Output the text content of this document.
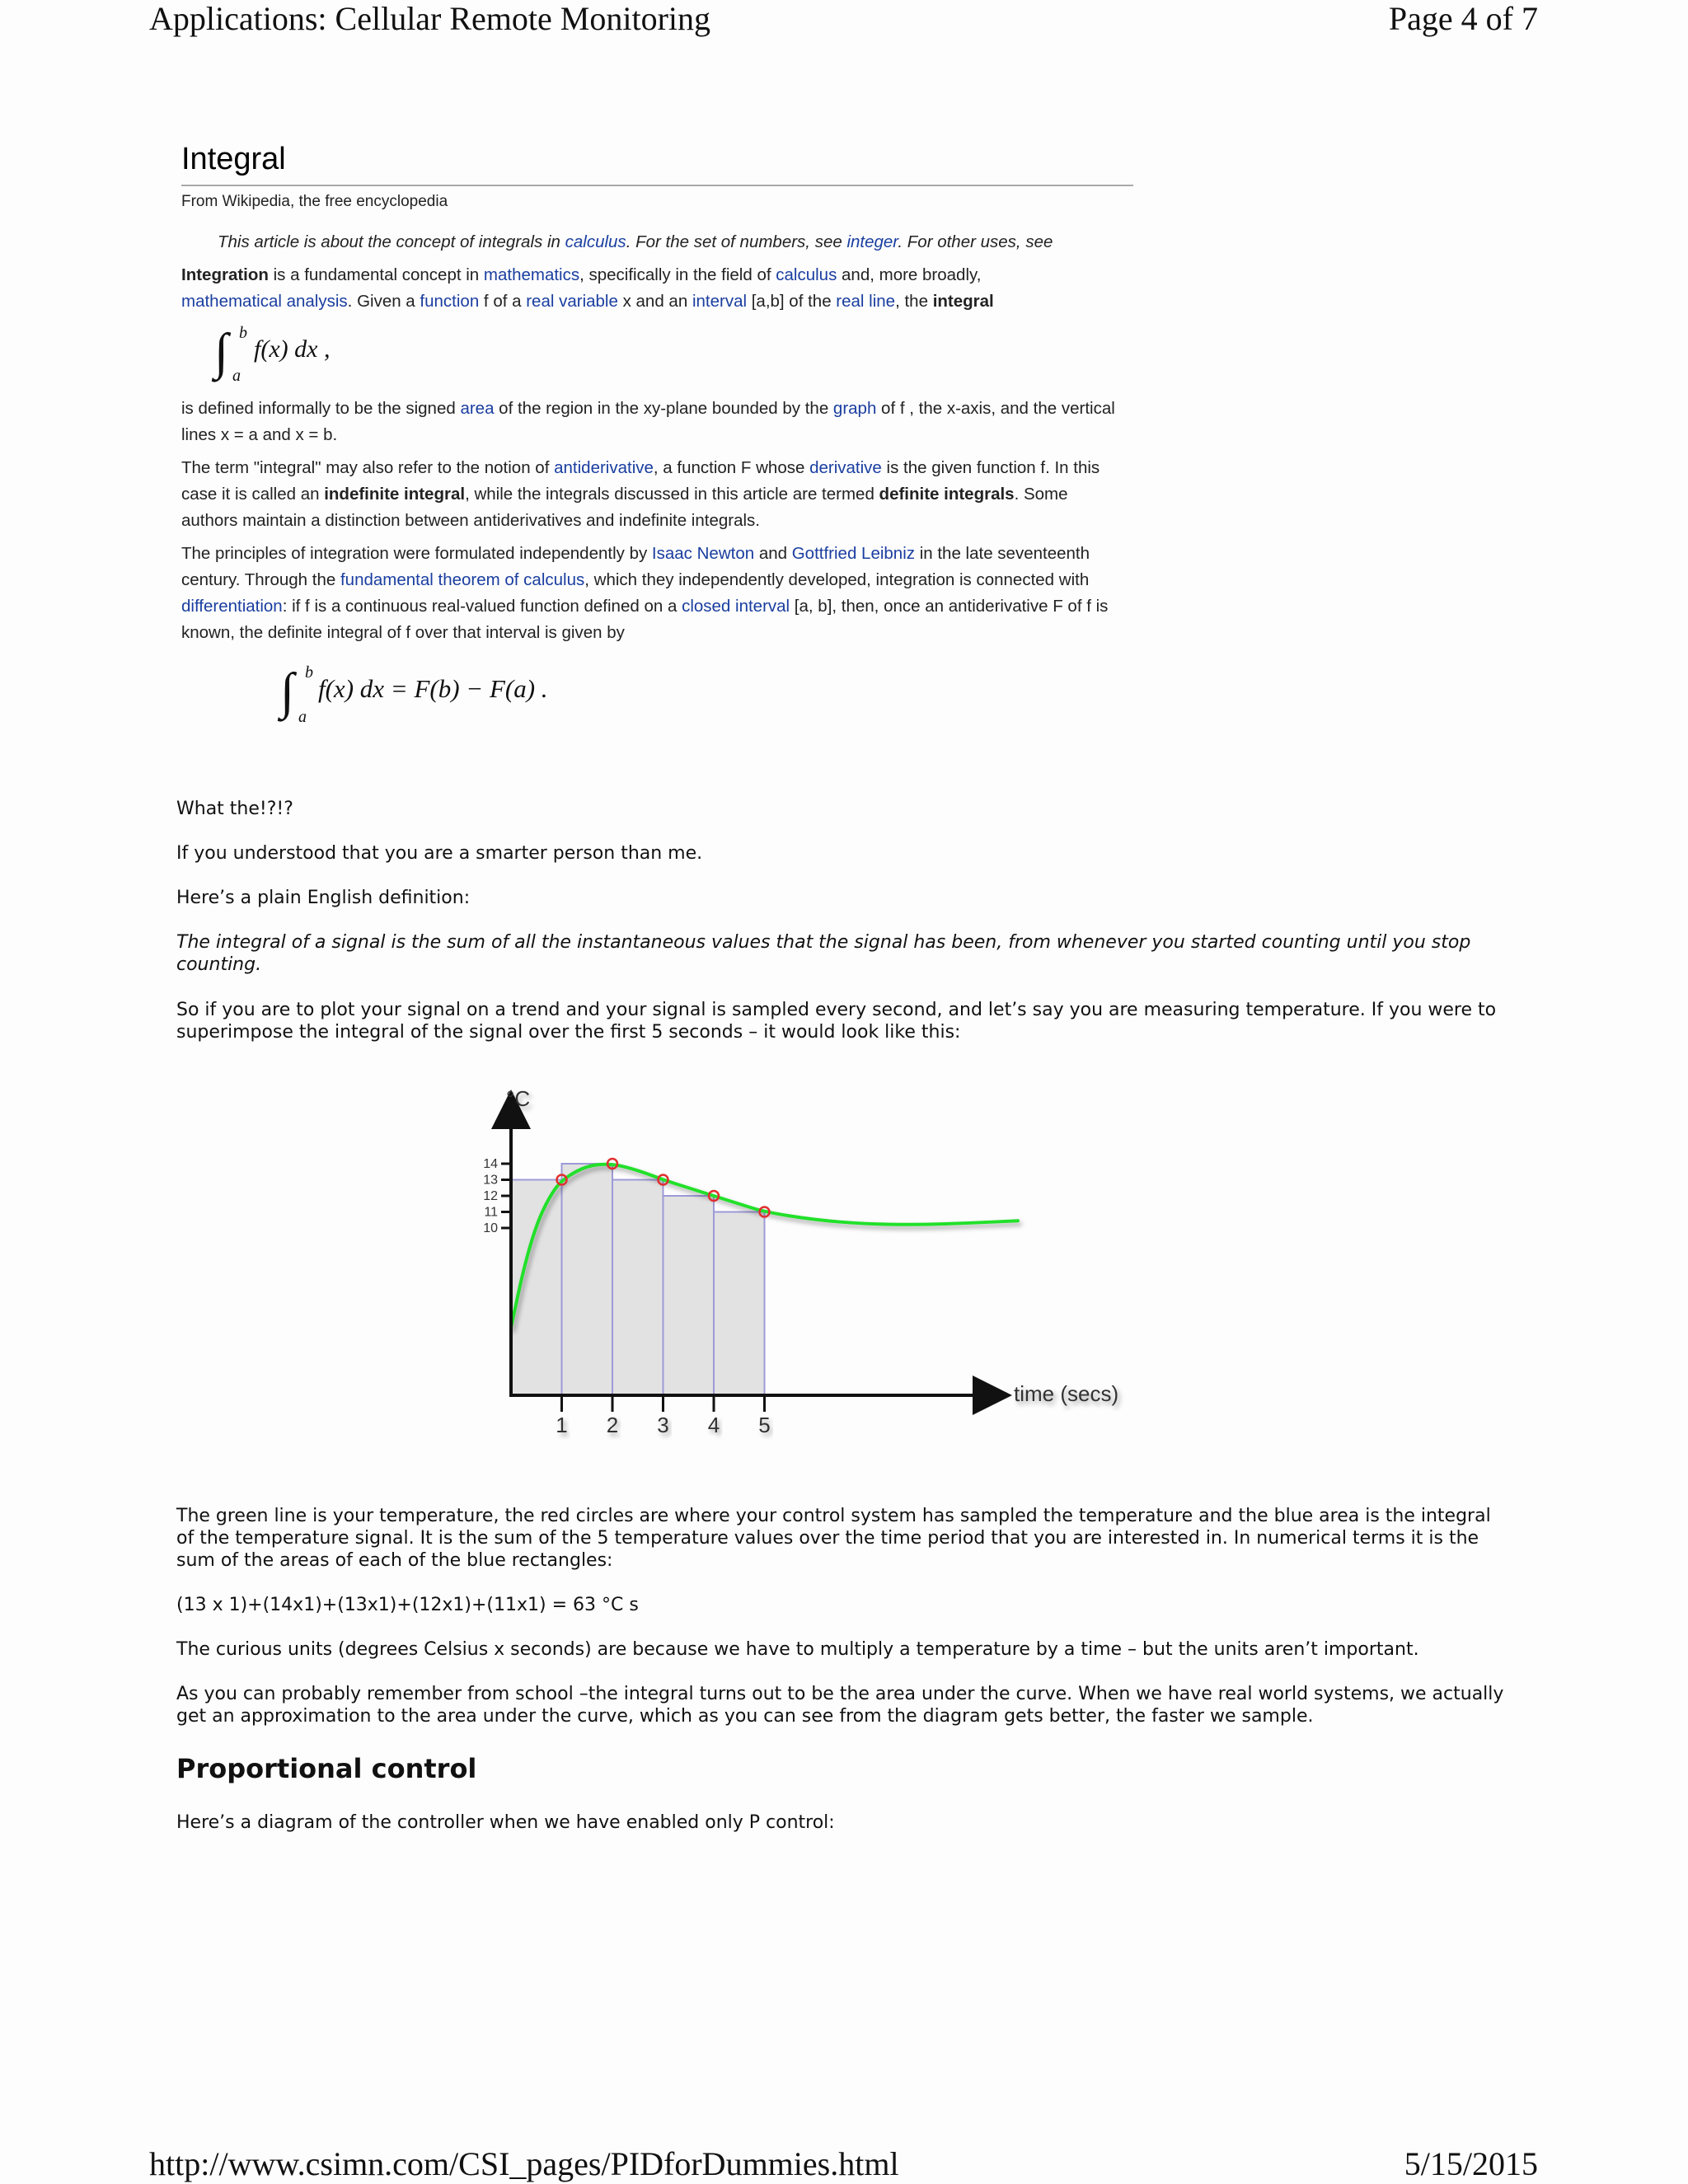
Applications: Cellular Remote Monitoring	Page 4 of 7
Integral
From Wikipedia, the free encyclopedia
This article is about the concept of integrals in calculus. For the set of numbers, see integer. For other uses, see

Integration is a fundamental concept in mathematics, specifically in the field of calculus and, more broadly,
mathematical analysis. Given a function f of a real variable x and an interval [a,b] of the real line, the integral

∫ b
a
f(x) dx ,

is defined informally to be the signed area of the region in the xy-plane bounded by the graph of f , the x-axis, and the vertical lines x = a and x = b.

The term "integral" may also refer to the notion of antiderivative, a function F whose derivative is the given function f. In this case it is called an indefinite integral, while the integrals discussed in this article are termed definite integrals. Some authors maintain a distinction between antiderivatives and indefinite integrals.

The principles of integration were formulated independently by Isaac Newton and Gottfried Leibniz in the late seventeenth century. Through the fundamental theorem of calculus, which they independently developed, integration is connected with differentiation: if f is a continuous real-valued function defined on a closed interval [a, b], then, once an antiderivative F of f is known, the definite integral of f over that interval is given by

∫ b
a
f(x) dx = F(b) − F(a) .
What the!?!?
If you understood that you are a smarter person than me.
Here’s a plain English definition:
The integral of a signal is the sum of all the instantaneous values that the signal has been, from whenever you started counting until you stop counting.
So if you are to plot your signal on a trend and your signal is sampled every second, and let’s say you are measuring temperature. If you were to superimpose the integral of the signal over the first 5 seconds – it would look like this:
10
11
12
13
14
1 2 3 4 5
°C
time (secs)
The green line is your temperature, the red circles are where your control system has sampled the temperature and the blue area is the integral of the temperature signal. It is the sum of the 5 temperature values over the time period that you are interested in. In numerical terms it is the sum of the areas of each of the blue rectangles:
(13 x 1)+(14x1)+(13x1)+(12x1)+(11x1) = 63 °C s
The curious units (degrees Celsius x seconds) are because we have to multiply a temperature by a time – but the units aren’t important.
As you can probably remember from school –the integral turns out to be the area under the curve. When we have real world systems, we actually get an approximation to the area under the curve, which as you can see from the diagram gets better, the faster we sample.
Proportional control
Here’s a diagram of the controller when we have enabled only P control:
http://www.csimn.com/CSI_pages/PIDforDummies.html	5/15/2015
